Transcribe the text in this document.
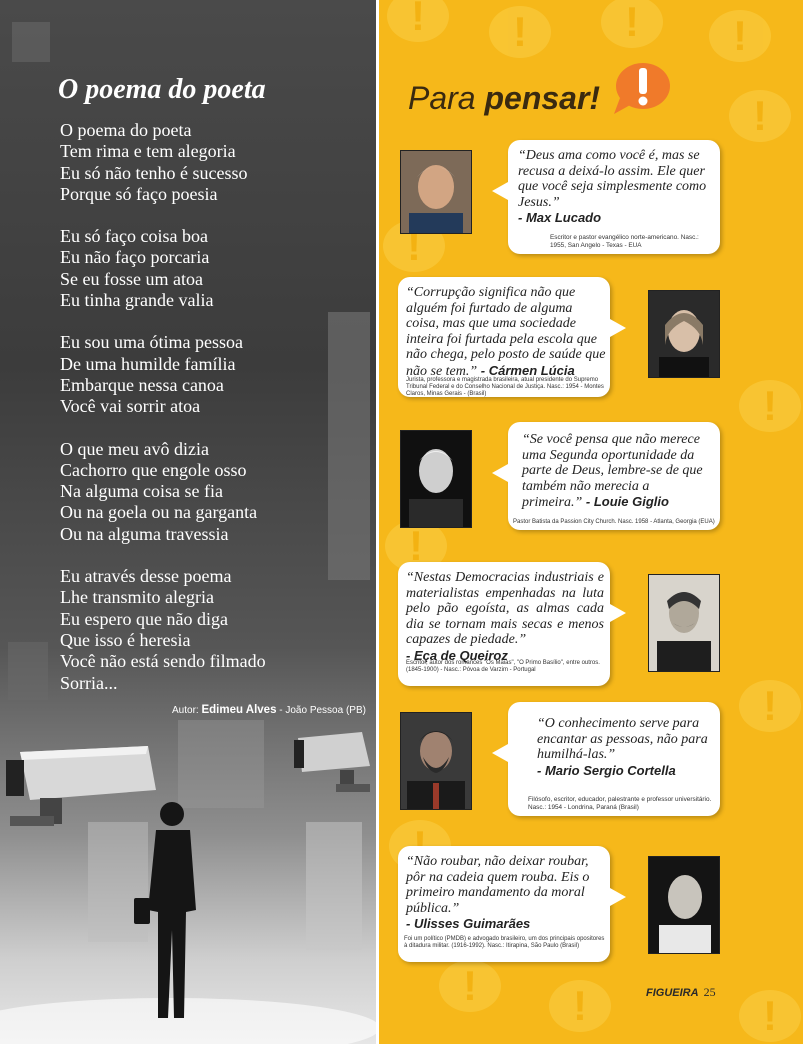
O poema do poeta
O poema do poeta
Tem rima e tem alegoria
Eu só não tenho é sucesso
Porque só faço poesia
Eu só faço coisa boa
Eu não faço porcaria
Se eu fosse um atoa
Eu tinha grande valia
Eu sou uma ótima pessoa
De uma humilde família
Embarque nessa canoa
Você vai sorrir atoa
O que meu avô dizia
Cachorro que engole osso
Na alguma coisa se fia
Ou na goela ou na garganta
Ou na alguma travessia
Eu através desse poema
Lhe transmito alegria
Eu espero que não diga
Que isso é heresia
Você não está sendo filmado
Sorria...
Autor: Edimeu Alves - João Pessoa (PB)
!
!
!
!
!
!
!
!
!
!
!
!
!
Para pensar!
“Deus ama como você é, mas se recusa a deixá-lo assim. Ele quer que você seja simplesmente como Jesus.”
- Max Lucado
Escritor e pastor evangélico norte-americano. Nasc.: 1955, San Angelo - Texas - EUA
“Corrupção significa não que alguém foi furtado de alguma coisa, mas que uma sociedade inteira foi furtada pela escola que não chega, pelo posto de saúde que não se tem.” - Cármen Lúcia
Jurista, professora e magistrada brasileira, atual presidente do Supremo Tribunal Federal e do Conselho Nacional de Justiça. Nasc.: 1954 - Montes Claros, Minas Gerais - (Brasil)
“Se você pensa que não merece uma Segunda oportunidade da parte de Deus, lembre-se de que também não merecia a primeira.” - Louie Giglio
Pastor Batista da Passion City Church. Nasc. 1958 - Atlanta, Georgia (EUA)
“Nestas Democracias industriais e materialistas empenhadas na luta pelo pão egoísta, as almas cada dia se tornam mais secas e menos capazes de piedade.”
- Eça de Queiroz
Escritor, autor dos romances "Os Maias", "O Primo Basílio", entre outros. (1845-1900) - Nasc.: Póvoa de Varzim - Portugal
“O conhecimento serve para encantar as pessoas, não para humilhá-las.”
- Mario Sergio Cortella
Filósofo, escritor, educador, palestrante e professor universitário. Nasc.: 1954 - Londrina, Paraná (Brasil)
“Não roubar, não deixar roubar, pôr na cadeia quem rouba. Eis o primeiro mandamento da moral pública.”
- Ulisses Guimarães
Foi um político (PMDB) e advogado brasileiro, um dos principais opositores à ditadura militar. (1916-1992). Nasc.: Itirapina, São Paulo (Brasil)
FIGUEIRA 25
